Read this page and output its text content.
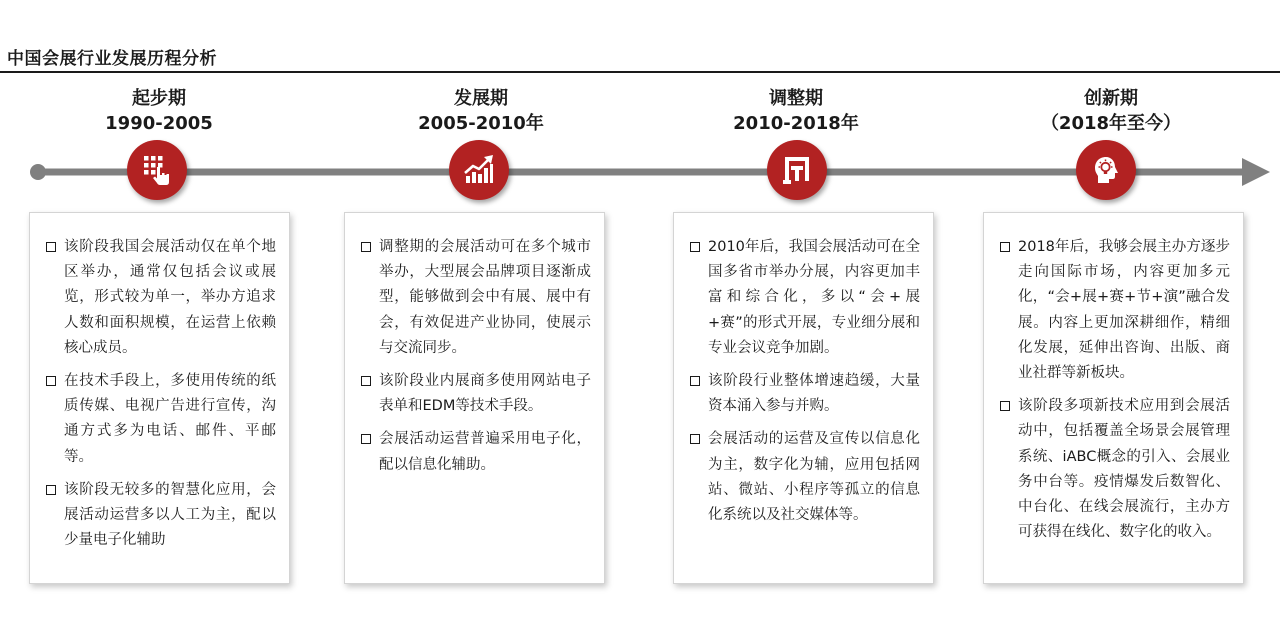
中国会展行业发展历程分析
起步期
1990-2005
该阶段我国会展活动仅在单个地区举办，通常仅包括会议或展览，形式较为单一，举办方追求人数和面积规模，在运营上依赖核心成员。
在技术手段上，多使用传统的纸质传媒、电视广告进行宣传，沟通方式多为电话、邮件、平邮等。
该阶段无较多的智慧化应用，会展活动运营多以人工为主，配以少量电子化辅助
发展期
2005-2010年
调整期的会展活动可在多个城市举办，大型展会品牌项目逐渐成型，能够做到会中有展、展中有会，有效促进产业协同，使展示与交流同步。
该阶段业内展商多使用网站电子表单和EDM等技术手段。
会展活动运营普遍采用电子化，配以信息化辅助。
调整期
2010-2018年
2010年后，我国会展活动可在全国多省市举办分展，内容更加丰富和综合化，多以“会+展+赛”的形式开展，专业细分展和专业会议竞争加剧。
该阶段行业整体增速趋缓，大量资本涌入参与并购。
会展活动的运营及宣传以信息化为主，数字化为辅，应用包括网站、微站、小程序等孤立的信息化系统以及社交媒体等。
创新期
（2018年至今）
2018年后，我够会展主办方逐步走向国际市场，内容更加多元化，“会+展+赛+节+演”融合发展。内容上更加深耕细作，精细化发展，延伸出咨询、出版、商业社群等新板块。
该阶段多项新技术应用到会展活动中，包括覆盖全场景会展管理系统、iABC概念的引入、会展业务中台等。疫情爆发后数智化、中台化、在线会展流行，主办方可获得在线化、数字化的收入。
